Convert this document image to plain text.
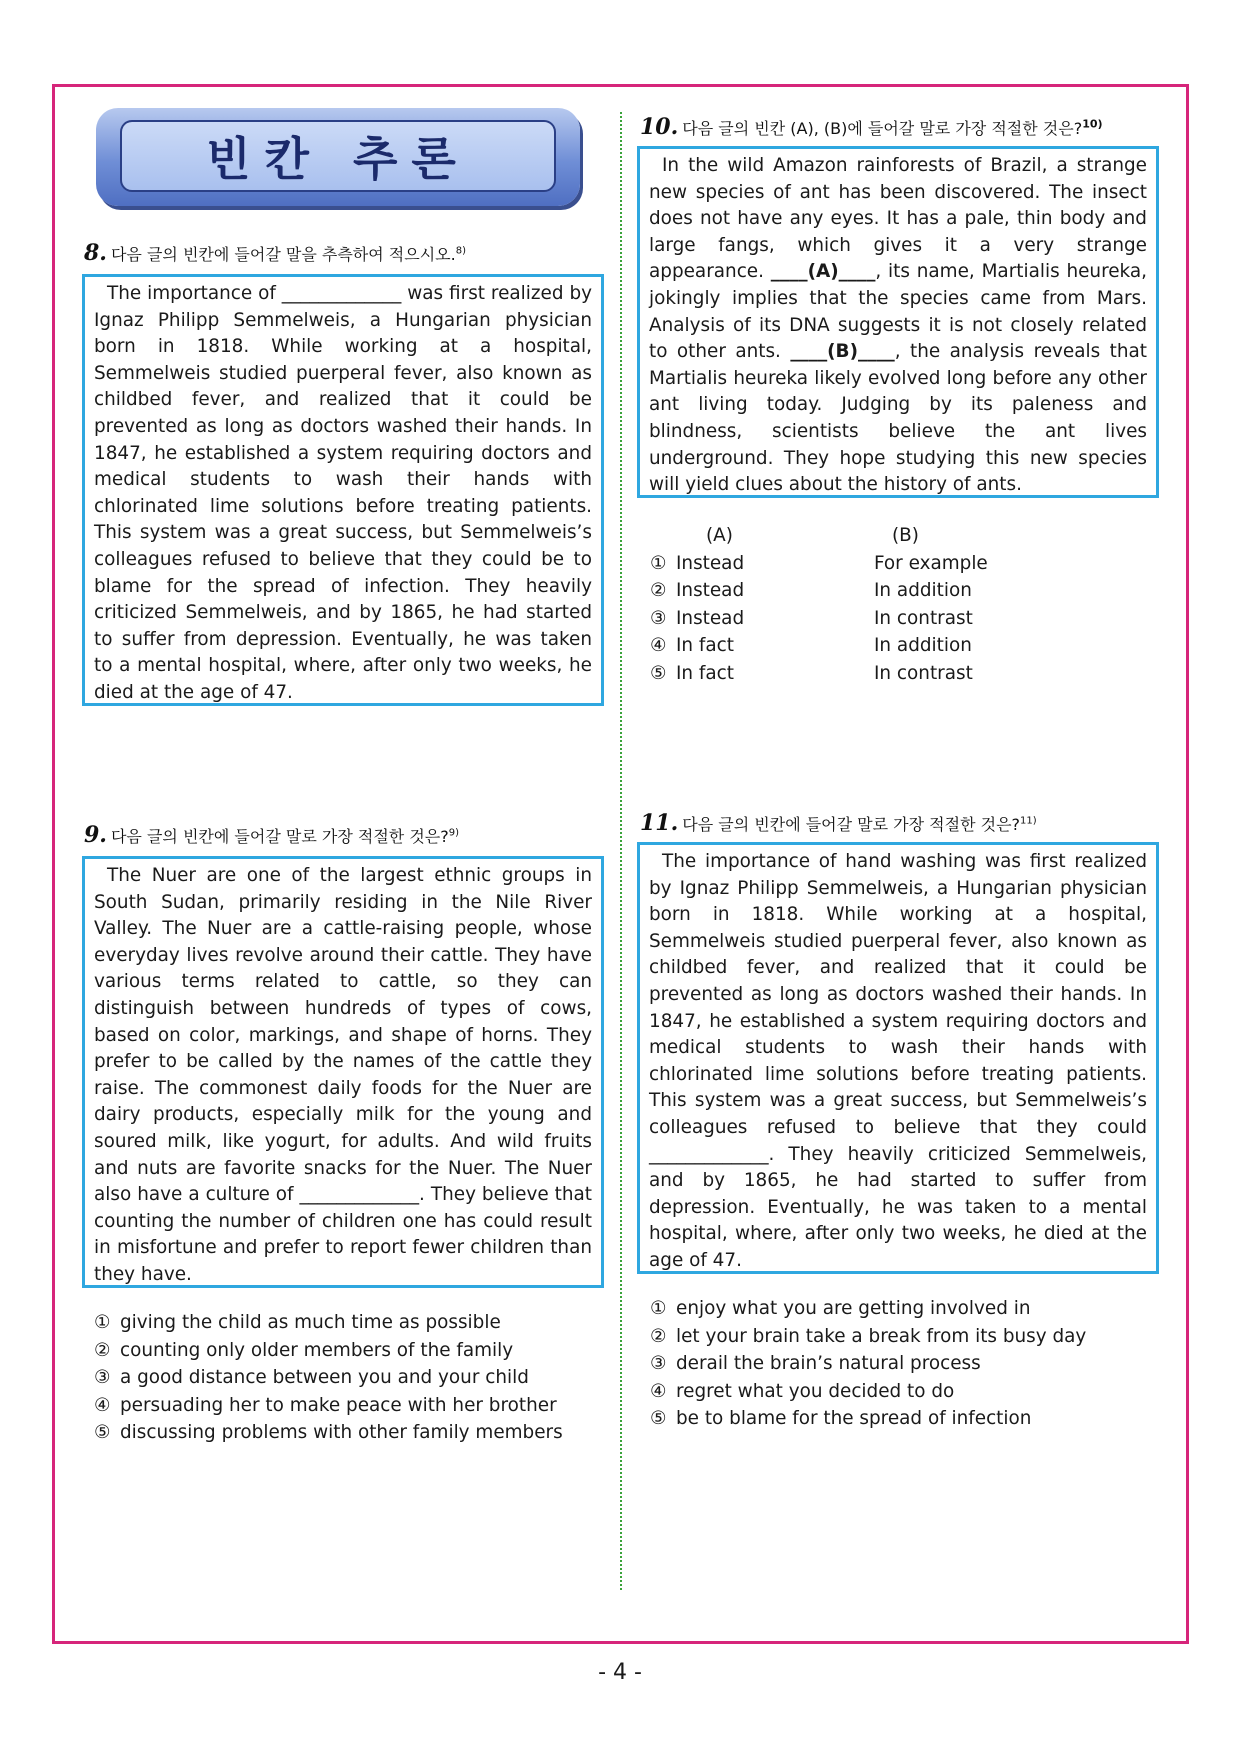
빈칸 추론
8. 다음 글의 빈칸에 들어갈 말을 추측하여 적으시오.$^{8)}$
The importance of _____________ was first realized by Ignaz Philipp Semmelweis, a Hungarian physician born in 1818. While working at a hospital, Semmelweis studied puerperal fever, also known as childbed fever, and realized that it could be prevented as long as doctors washed their hands. In 1847, he established a system requiring doctors and medical students to wash their hands with chlorinated lime solutions before treating patients. This system was a great success, but Semmelweis’s colleagues refused to believe that they could be to blame for the spread of infection. They heavily criticized Semmelweis, and by 1865, he had started to suffer from depression. Eventually, he was taken to a mental hospital, where, after only two weeks, he died at the age of 47.
9. 다음 글의 빈칸에 들어갈 말로 가장 적절한 것은?$^{9)}$
The Nuer are one of the largest ethnic groups in South Sudan, primarily residing in the Nile River Valley. The Nuer are a cattle-raising people, whose everyday lives revolve around their cattle. They have various terms related to cattle, so they can distinguish between hundreds of types of cows, based on color, markings, and shape of horns. They prefer to be called by the names of the cattle they raise. The commonest daily foods for the Nuer are dairy products, especially milk for the young and soured milk, like yogurt, for adults. And wild fruits and nuts are favorite snacks for the Nuer. The Nuer also have a culture of _____________. They believe that counting the number of children one has could result in misfortune and prefer to report fewer children than they have.
① giving the child as much time as possible
② counting only older members of the family
③ a good distance between you and your child
④ persuading her to make peace with her brother
⑤ discussing problems with other family members
10. 다음 글의 빈칸 (A), (B)에 들어갈 말로 가장 적절한 것은?$^{10)}$
In the wild Amazon rainforests of Brazil, a strange new species of ant has been discovered. The insect does not have any eyes. It has a pale, thin body and large fangs, which gives it a very strange appearance. ____(A)____, its name, Martialis heureka, jokingly implies that the species came from Mars. Analysis of its DNA suggests it is not closely related to other ants. ____(B)____, the analysis reveals that Martialis heureka likely evolved long before any other ant living today. Judging by its paleness and blindness, scientists believe the ant lives underground. They hope studying this new species will yield clues about the history of ants.
(A)	(B)
① Instead	For example
② Instead	In addition
③ Instead	In contrast
④ In fact	In addition
⑤ In fact	In contrast
11. 다음 글의 빈칸에 들어갈 말로 가장 적절한 것은?$^{11)}$
The importance of hand washing was first realized by Ignaz Philipp Semmelweis, a Hungarian physician born in 1818. While working at a hospital, Semmelweis studied puerperal fever, also known as childbed fever, and realized that it could be prevented as long as doctors washed their hands. In 1847, he established a system requiring doctors and medical students to wash their hands with chlorinated lime solutions before treating patients. This system was a great success, but Semmelweis’s colleagues refused to believe that they could _____________. They heavily criticized Semmelweis, and by 1865, he had started to suffer from depression. Eventually, he was taken to a mental hospital, where, after only two weeks, he died at the age of 47.
① enjoy what you are getting involved in
② let your brain take a break from its busy day
③ derail the brain’s natural process
④ regret what you decided to do
⑤ be to blame for the spread of infection
- 4 -
